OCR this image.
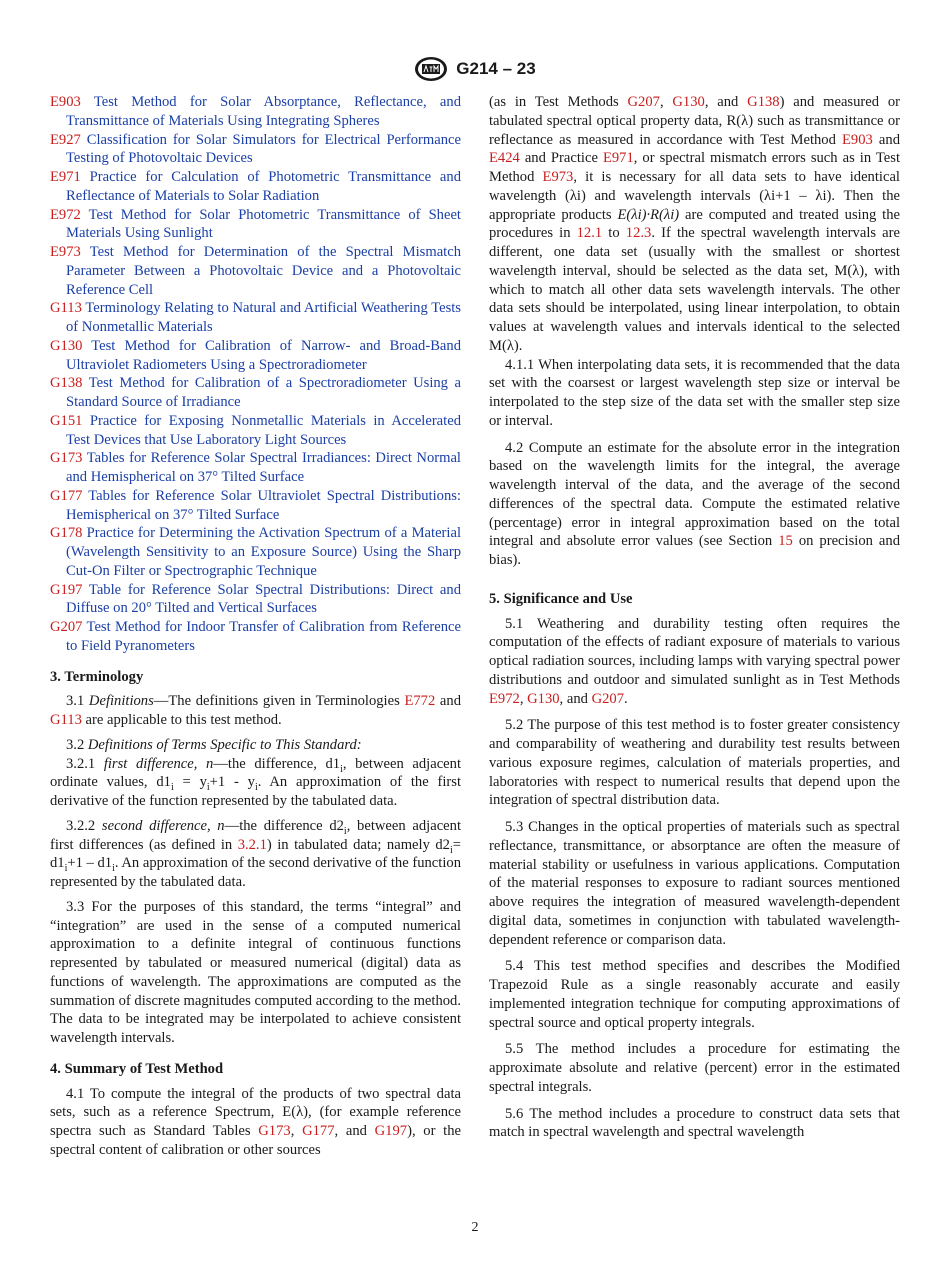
G214 – 23

E903 Test Method for Solar Absorptance, Reflectance, and Transmittance of Materials Using Integrating Spheres

E927 Classification for Solar Simulators for Electrical Performance Testing of Photovoltaic Devices

E971 Practice for Calculation of Photometric Transmittance and Reflectance of Materials to Solar Radiation

E972 Test Method for Solar Photometric Transmittance of Sheet Materials Using Sunlight

E973 Test Method for Determination of the Spectral Mismatch Parameter Between a Photovoltaic Device and a Photovoltaic Reference Cell

G113 Terminology Relating to Natural and Artificial Weathering Tests of Nonmetallic Materials

G130 Test Method for Calibration of Narrow- and Broad-Band Ultraviolet Radiometers Using a Spectroradiometer

G138 Test Method for Calibration of a Spectroradiometer Using a Standard Source of Irradiance

G151 Practice for Exposing Nonmetallic Materials in Accelerated Test Devices that Use Laboratory Light Sources

G173 Tables for Reference Solar Spectral Irradiances: Direct Normal and Hemispherical on 37° Tilted Surface

G177 Tables for Reference Solar Ultraviolet Spectral Distributions: Hemispherical on 37° Tilted Surface

G178 Practice for Determining the Activation Spectrum of a Material (Wavelength Sensitivity to an Exposure Source) Using the Sharp Cut-On Filter or Spectrographic Technique

G197 Table for Reference Solar Spectral Distributions: Direct and Diffuse on 20° Tilted and Vertical Surfaces

G207 Test Method for Indoor Transfer of Calibration from Reference to Field Pyranometers

3. Terminology

3.1 Definitions—The definitions given in Terminologies E772 and G113 are applicable to this test method.

3.2 Definitions of Terms Specific to This Standard:

3.2.1 first difference, n—the difference, $d1_i$, between adjacent ordinate values, $d1_i = y_i+1 - y_i$. An approximation of the first derivative of the function represented by the tabulated data.

3.2.2 second difference, n—the difference $d2_i$, between adjacent first differences (as defined in 3.2.1) in tabulated data; namely $d2_i= d1_i+1 - d1_i$. An approximation of the second derivative of the function represented by the tabulated data.

3.3 For the purposes of this standard, the terms “integral” and “integration” are used in the sense of a computed numerical approximation to a definite integral of continuous functions represented by tabulated or measured numerical (digital) data as functions of wavelength. The approximations are computed as the summation of discrete magnitudes computed according to the method. The data to be integrated may be interpolated to achieve consistent wavelength intervals.

4. Summary of Test Method

4.1 To compute the integral of the products of two spectral data sets, such as a reference Spectrum, E(λ), (for example reference spectra such as Standard Tables G173, G177, and G197), or the spectral content of calibration or other sources

(as in Test Methods G207, G130, and G138) and measured or tabulated spectral optical property data, R(λ) such as transmittance or reflectance as measured in accordance with Test Method E903 and E424 and Practice E971, or spectral mismatch errors such as in Test Method E973, it is necessary for all data sets to have identical wavelength (λi) and wavelength intervals (λi+1 – λi). Then the appropriate products E(λi)·R(λi) are computed and treated using the procedures in 12.1 to 12.3. If the spectral wavelength intervals are different, one data set (usually with the smallest or shortest wavelength interval, should be selected as the data set, M(λ), with which to match all other data sets wavelength intervals. The other data sets should be interpolated, using linear interpolation, to obtain values at wavelength values and intervals identical to the selected M(λ).

4.1.1 When interpolating data sets, it is recommended that the data set with the coarsest or largest wavelength step size or interval be interpolated to the step size of the data set with the smaller step size or interval.

4.2 Compute an estimate for the absolute error in the integration based on the wavelength limits for the integral, the average wavelength interval of the data, and the average of the second differences of the spectral data. Compute the estimated relative (percentage) error in integral approximation based on the total integral and absolute error values (see Section 15 on precision and bias).

5. Significance and Use

5.1 Weathering and durability testing often requires the computation of the effects of radiant exposure of materials to various optical radiation sources, including lamps with varying spectral power distributions and outdoor and simulated sunlight as in Test Methods E972, G130, and G207.

5.2 The purpose of this test method is to foster greater consistency and comparability of weathering and durability test results between various exposure regimes, calculation of materials properties, and laboratories with respect to numerical results that depend upon the integration of spectral distribution data.

5.3 Changes in the optical properties of materials such as spectral reflectance, transmittance, or absorptance are often the measure of material stability or usefulness in various applications. Computation of the material responses to exposure to radiant sources mentioned above requires the integration of measured wavelength-dependent digital data, sometimes in conjunction with tabulated wavelength-dependent reference or comparison data.

5.4 This test method specifies and describes the Modified Trapezoid Rule as a single reasonably accurate and easily implemented integration technique for computing approximations of spectral source and optical property integrals.

5.5 The method includes a procedure for estimating the approximate absolute and relative (percent) error in the estimated spectral integrals.

5.6 The method includes a procedure to construct data sets that match in spectral wavelength and spectral wavelength

2
